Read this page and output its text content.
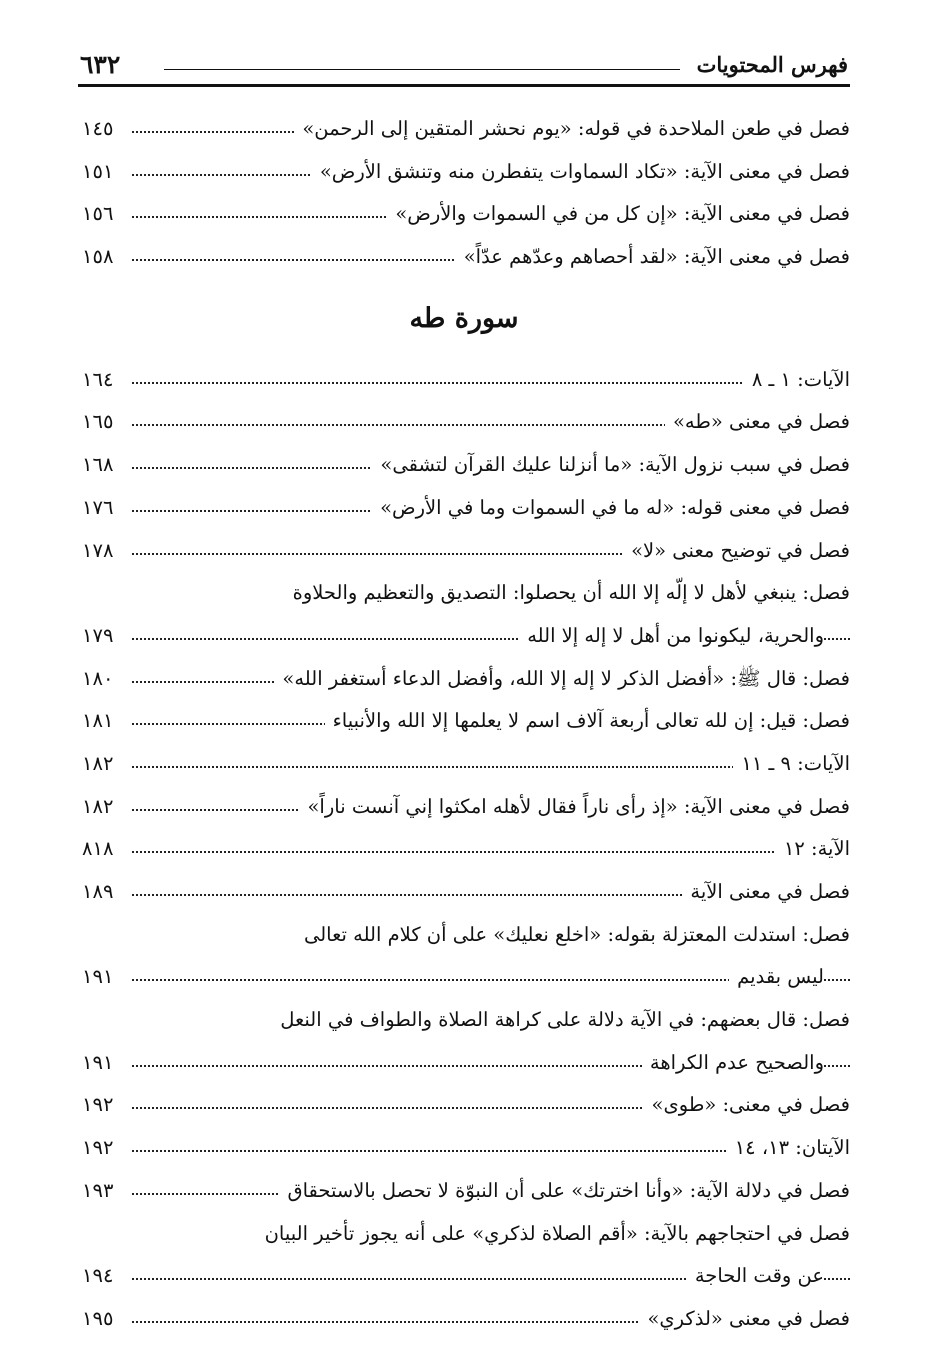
٦٣٢	فهرس المحتويات
١٤٥	فصل في طعن الملاحدة في قوله: «يوم نحشر المتقين إلى الرحمن»
١٥١	فصل في معنى الآية: «تكاد السماوات يتفطرن منه وتنشق الأرض»
١٥٦	فصل في معنى الآية: «إن كل من في السموات والأرض»
١٥٨	فصل في معنى الآية: «لقد أحصاهم وعدّهم عدّاً»
سورة طه
١٦٤	الآيات: ١ ـ ٨
١٦٥	فصل في معنى «طه»
١٦٨	فصل في سبب نزول الآية: «ما أنزلنا عليك القرآن لتشقى»
١٧٦	فصل في معنى قوله: «له ما في السموات وما في الأرض»
١٧٨	فصل في توضيح معنى «لا»
فصل: ينبغي لأهل لا إلّه إلا الله أن يحصلوا: التصديق والتعظيم والحلاوة
١٧٩	والحرية، ليكونوا من أهل لا إله إلا الله
١٨٠	فصل: قال ﷺ: «أفضل الذكر لا إله إلا الله، وأفضل الدعاء أستغفر الله»
١٨١	فصل: قيل: إن لله تعالى أربعة آلاف اسم لا يعلمها إلا الله والأنبياء
١٨٢	الآيات: ٩ ـ ١١
١٨٢	فصل في معنى الآية: «إذ رأى ناراً فقال لأهله امكثوا إني آنست ناراً»
٨١٨	الآية: ١٢
١٨٩	فصل في معنى الآية
فصل: استدلت المعتزلة بقوله: «اخلع نعليك» على أن كلام الله تعالى
١٩١	ليس بقديم
فصل: قال بعضهم: في الآية دلالة على كراهة الصلاة والطواف في النعل
١٩١	والصحيح عدم الكراهة
١٩٢	فصل في معنى: «طوى»
١٩٢	الآيتان: ١٣، ١٤
١٩٣	فصل في دلالة الآية: «وأنا اخترتك» على أن النبوّة لا تحصل بالاستحقاق
فصل في احتجاجهم بالآية: «أقم الصلاة لذكري» على أنه يجوز تأخير البيان
١٩٤	عن وقت الحاجة
١٩٥	فصل في معنى «لذكري»
